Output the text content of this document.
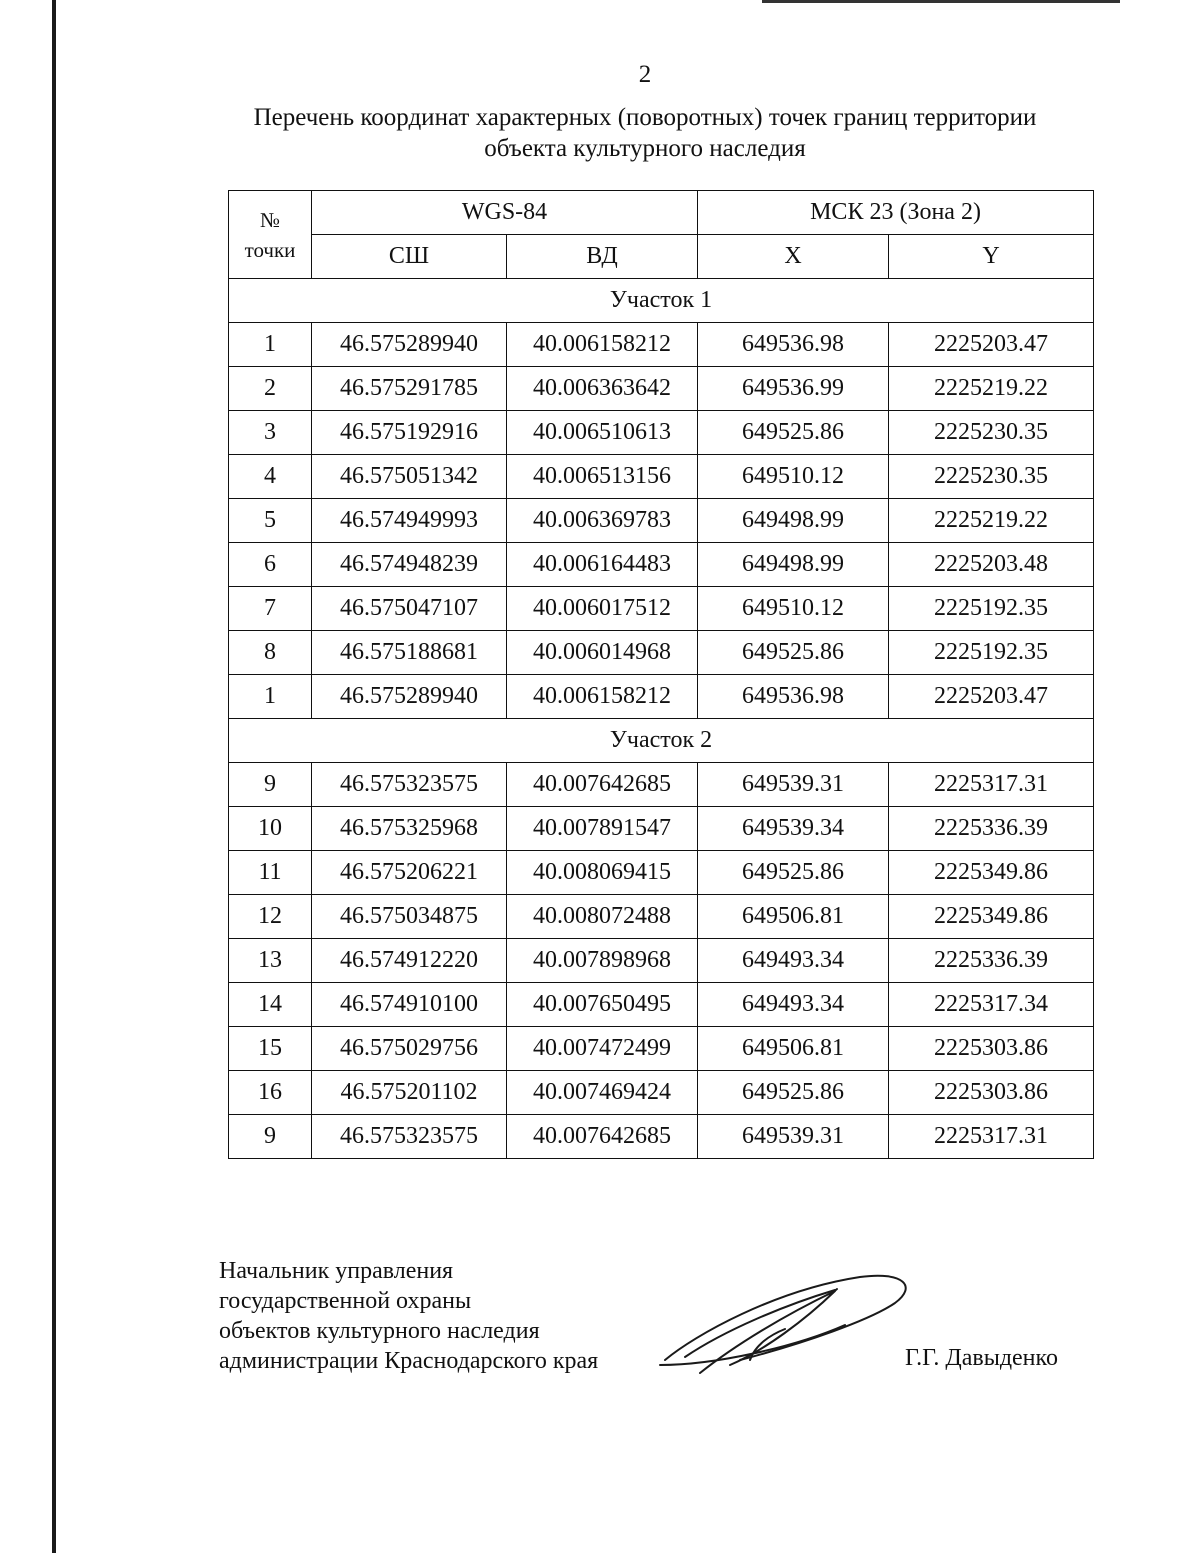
2
Перечень координат характерных (поворотных) точек границ территории
объекта культурного наследия
№
точки	WGS-84		МСК 23 (Зона 2)	
	СШ	ВД	X	Y
Участок 1				
1	46.575289940	40.006158212	649536.98	2225203.47
2	46.575291785	40.006363642	649536.99	2225219.22
3	46.575192916	40.006510613	649525.86	2225230.35
4	46.575051342	40.006513156	649510.12	2225230.35
5	46.574949993	40.006369783	649498.99	2225219.22
6	46.574948239	40.006164483	649498.99	2225203.48
7	46.575047107	40.006017512	649510.12	2225192.35
8	46.575188681	40.006014968	649525.86	2225192.35
1	46.575289940	40.006158212	649536.98	2225203.47
Участок 2				
9	46.575323575	40.007642685	649539.31	2225317.31
10	46.575325968	40.007891547	649539.34	2225336.39
11	46.575206221	40.008069415	649525.86	2225349.86
12	46.575034875	40.008072488	649506.81	2225349.86
13	46.574912220	40.007898968	649493.34	2225336.39
14	46.574910100	40.007650495	649493.34	2225317.34
15	46.575029756	40.007472499	649506.81	2225303.86
16	46.575201102	40.007469424	649525.86	2225303.86
9	46.575323575	40.007642685	649539.31	2225317.31
Начальник управления
государственной охраны
объектов культурного наследия
администрации Краснодарского края	Г.Г. Давыденко
